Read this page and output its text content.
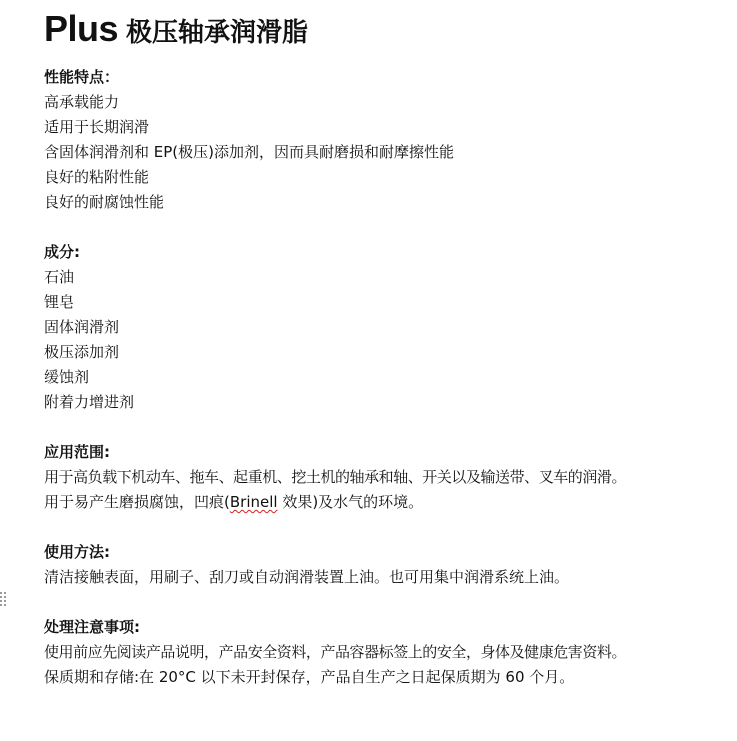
Plus 极压轴承润滑脂
性能特点：
高承载能力
适用于长期润滑
含固体润滑剂和 EP(极压)添加剂，因而具耐磨损和耐摩擦性能
良好的粘附性能
良好的耐腐蚀性能
成分:
石油
锂皂
固体润滑剂
极压添加剂
缓蚀剂
附着力增进剂
应用范围:
用于高负载下机动车、拖车、起重机、挖土机的轴承和轴、开关以及输送带、叉车的润滑。
用于易产生磨损腐蚀，凹痕(Brinell 效果)及水气的环境。
使用方法:
清洁接触表面，用刷子、刮刀或自动润滑装置上油。也可用集中润滑系统上油。
处理注意事项:
使用前应先阅读产品说明，产品安全资料，产品容器标签上的安全，身体及健康危害资料。
保质期和存储:在 20°C 以下未开封保存，产品自生产之日起保质期为 60 个月。
